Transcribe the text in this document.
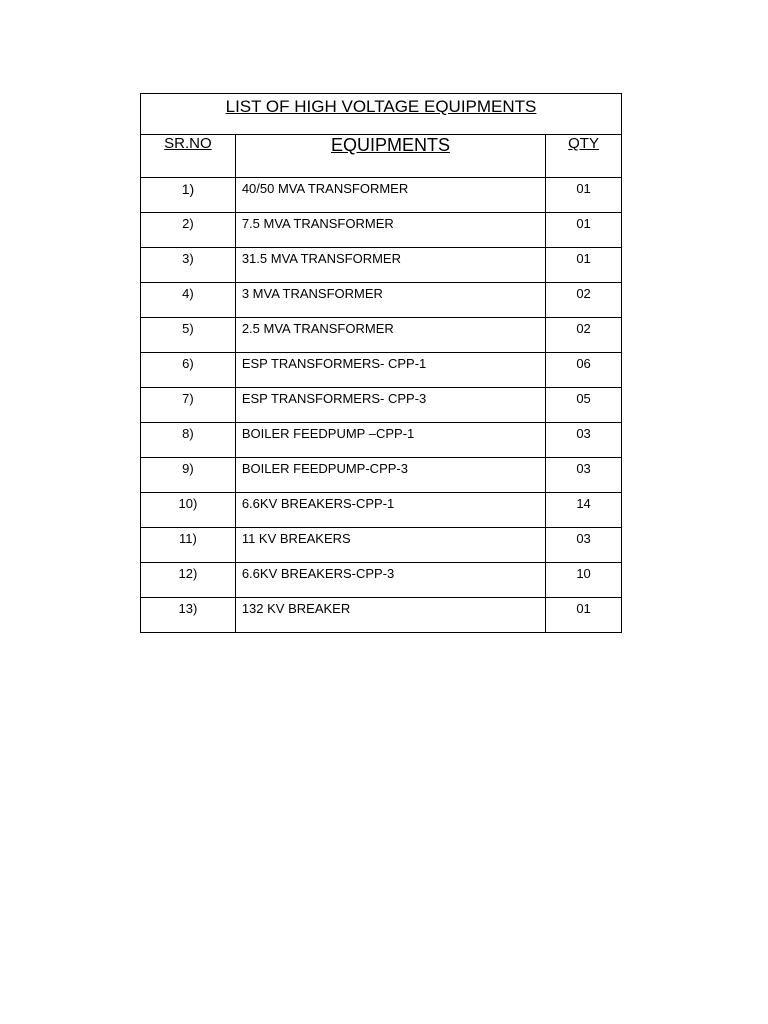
LIST OF HIGH VOLTAGE EQUIPMENTS		
SR.NO	EQUIPMENTS	QTY
1)	40/50 MVA TRANSFORMER	01
2)	7.5 MVA TRANSFORMER	01
3)	31.5 MVA TRANSFORMER	01
4)	3 MVA TRANSFORMER	02
5)	2.5 MVA TRANSFORMER	02
6)	ESP TRANSFORMERS- CPP-1	06
7)	ESP TRANSFORMERS- CPP-3	05
8)	BOILER FEEDPUMP –CPP-1	03
9)	BOILER FEEDPUMP-CPP-3	03
10)	6.6KV BREAKERS-CPP-1	14
11)	11 KV BREAKERS	03
12)	6.6KV BREAKERS-CPP-3	10
13)	132 KV BREAKER	01
